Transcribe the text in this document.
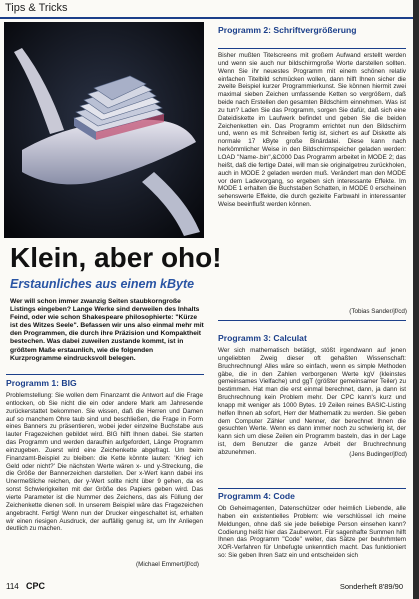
Tips & Tricks
Klein, aber oho!
Erstaunliches aus einem kByte
Wer will schon immer zwanzig Seiten staubkorngroße Listings eingeben? Lange Werke sind derweilen des Inhalts Feind, oder wie schon Shakespeare philosophierte: "Kürze ist des Witzes Seele". Befassen wir uns also einmal mehr mit den Programmen, die durch ihre Präzision und Kompaktheit bestechen. Was dabei zuweilen zustande kommt, ist in größtem Maße erstaunlich, wie die folgenden Kurzprogramme eindrucksvoll belegen.
Programm 1: BIG
Problemstellung: Sie wollen dem Finanzamt die Antwort auf die Frage entlocken, ob Sie nicht die ein oder andere Mark am Jahresende zurückerstattet bekommen. Sie wissen, daß die Herren und Damen auf so manchem Ohre taub sind und beschließen, die Frage in Form eines Banners zu präsentieren, wobei jeder einzelne Buchstabe aus lauter Fragezeichen gebildet wird. BIG hilft Ihnen dabei. Sie starten das Programm und werden daraufhin aufgefordert, Länge Programm einzugeben. Zuerst wird eine Zeichenkette abgefragt. Um beim Finanzamt-Beispiel zu bleiben: die Kette könnte lauten: 'Krieg' ich Geld oder nicht?' Die nächsten Werte wären x- und y-Streckung, die die Größe der Bannerzeichen darstellen. Der x-Wert kann dabei ins Unermeßliche reichen, der y-Wert sollte nicht über 9 gehen, da es sonst Schwierigkeiten mit der Größe des Papiers geben wird. Das vierte Parameter ist die Nummer des Zeichens, das als Füllung der Zeichenkette dienen soll. In unserem Beispiel wäre das Fragezeichen angebracht. Fertig! Wenn nun der Drucker eingeschaltet ist, erhalten wir einen riesigen Ausdruck, der auffällig genug ist, um Ihr Anliegen deutlich zu machen.
(Michael Emmert/jf/cd)
Programm 2: Schriftvergrößerung
Bisher mußten Titelscreens mit großem Aufwand erstellt werden und wenn sie auch nur bildschirmgroße Worte darstellen sollten. Wenn Sie ihr neuestes Programm mit einem schönen relativ einfachen Titelbild schmücken wollen, dann hilft Ihnen sicher die zweite Beispiel kurzer Programmierkunst. Sie können hiermit zwei maximal sieben Zeichen umfassende Ketten so vergrößern, daß beide nach Erstellen den gesamten Bildschirm einnehmen. Was ist zu tun? Laden Sie das Programm, sorgen Sie dafür, daß sich eine Dateidiskette im Laufwerk befindet und geben Sie die beiden Zeichenketten ein. Das Programm errichtet nun den Bildschirm und, wenn es mit Schreiben fertig ist, sichert es auf Diskette als normale 17 kByte große Binärdatei. Diese kann nach herkömmlicher Weise in den Bildschirmspeicher geladen werden: LOAD "Name-.bin",&C000 Das Programm arbeitet in MODE 2; das heißt, daß die fertige Datei, will man sie originalgetreu zurückholen, auch in MODE 2 geladen werden muß. Verändert man den MODE vor dem Ladevorgang, so ergeben sich interessante Effekte. Im MODE 1 erhalten die Buchstaben Schatten, in MODE 0 erscheinen sehenswerte Effekte, die durch gezielte Farbwahl in interessanter Weise beeinflußt werden können.
(Tobias Sander/jf/cd)
Programm 3: Calculat
Wer sich mathematisch betätigt, stößt irgendwann auf jenen ungeliebten Zweig dieser oft gehaßten Wissenschaft: Bruchrechnung! Alles wäre so einfach, wenn es simple Methoden gäbe, die in den Zahlen verborgenen Werte kgV (kleinstes gemeinsames Vielfache) und ggT (größter gemeinsamer Teiler) zu bestimmen. Hat man die erst einmal berechnet, dann, ja dann ist Bruchrechnung kein Problem mehr. Der CPC kann's kurz und knapp mit weniger als 1000 Bytes. 19 Zeilen reines BASIC-Listing helfen Ihnen ab sofort, Herr der Mathematik zu werden. Sie geben dem Computer Zähler und Nenner, der berechnet Ihnen die gesuchten Werte. Wenn es dann immer noch zu schwierig ist, der kann sich um diese Zeilen ein Programm basteln, das in der Lage ist, dem Benutzer die ganze Arbeit der Bruchrechnung abzunehmen.	(Jens Budinger/jf/cd)
Programm 4: Code
Ob Geheimagenten, Datenschützer oder heimlich Liebende, alle haben ein existentielles Problem: wie verschlüssel ich meine Meldungen, ohne daß sie jede beliebige Person einsehen kann? Codierung heißt hier das Zauberwort. Für sagenhafte Summen hilft Ihnen das Programm "Code" weiter, das Sätze per beuhrhmtem XOR-Verfahren für Unbefugte unkenntlich macht. Das funktioniert so: Sie geben Ihren Satz ein und entscheiden sich
114 CPC	Sonderheft 8'89/90
